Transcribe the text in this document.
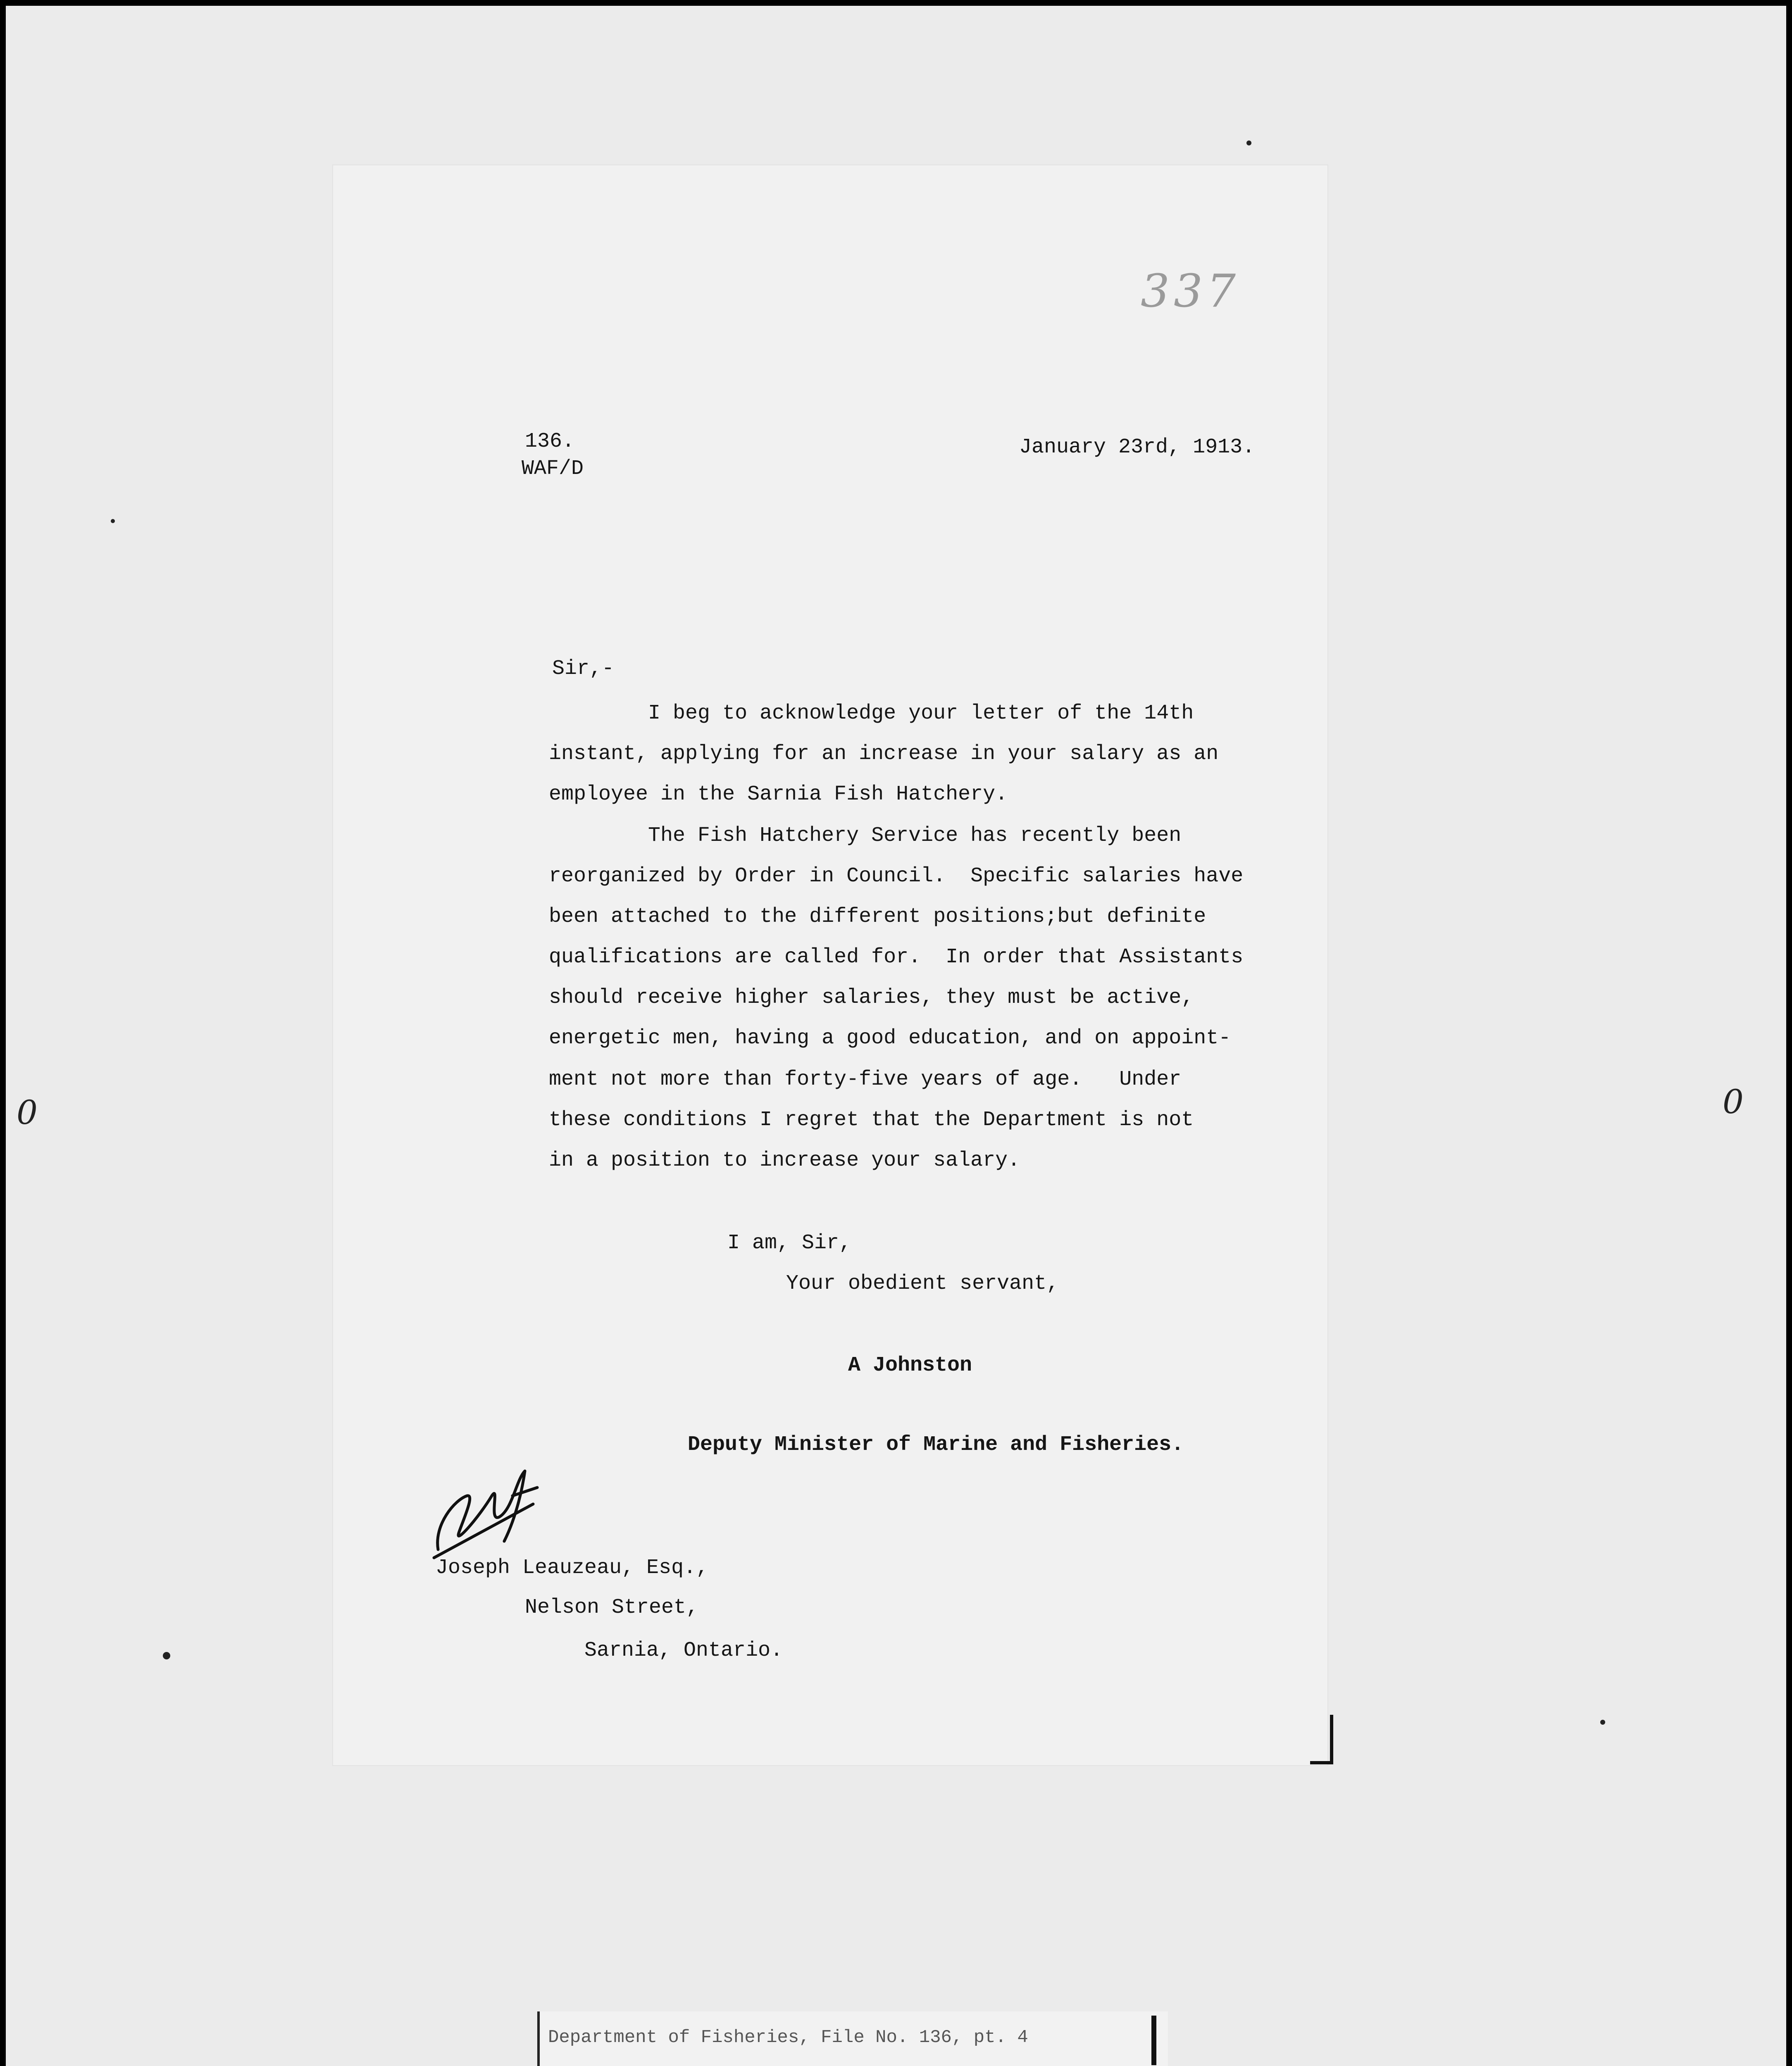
337
136.
WAF/D
January 23rd, 1913.
Sir,-
I beg to acknowledge your letter of the 14th
instant, applying for an increase in your salary as an
employee in the Sarnia Fish Hatchery.
The Fish Hatchery Service has recently been
reorganized by Order in Council.  Specific salaries have
been attached to the different positions;but definite
qualifications are called for.  In order that Assistants
should receive higher salaries, they must be active,
energetic men, having a good education, and on appoint-
ment not more than forty-five years of age.   Under
these conditions I regret that the Department is not
in a position to increase your salary.
I am, Sir,
Your obedient servant,
A Johnston
Deputy Minister of Marine and Fisheries.
Joseph Leauzeau, Esq.,
Nelson Street,
Sarnia, Ontario.
0	0
Department of Fisheries, File No. 136, pt. 4
